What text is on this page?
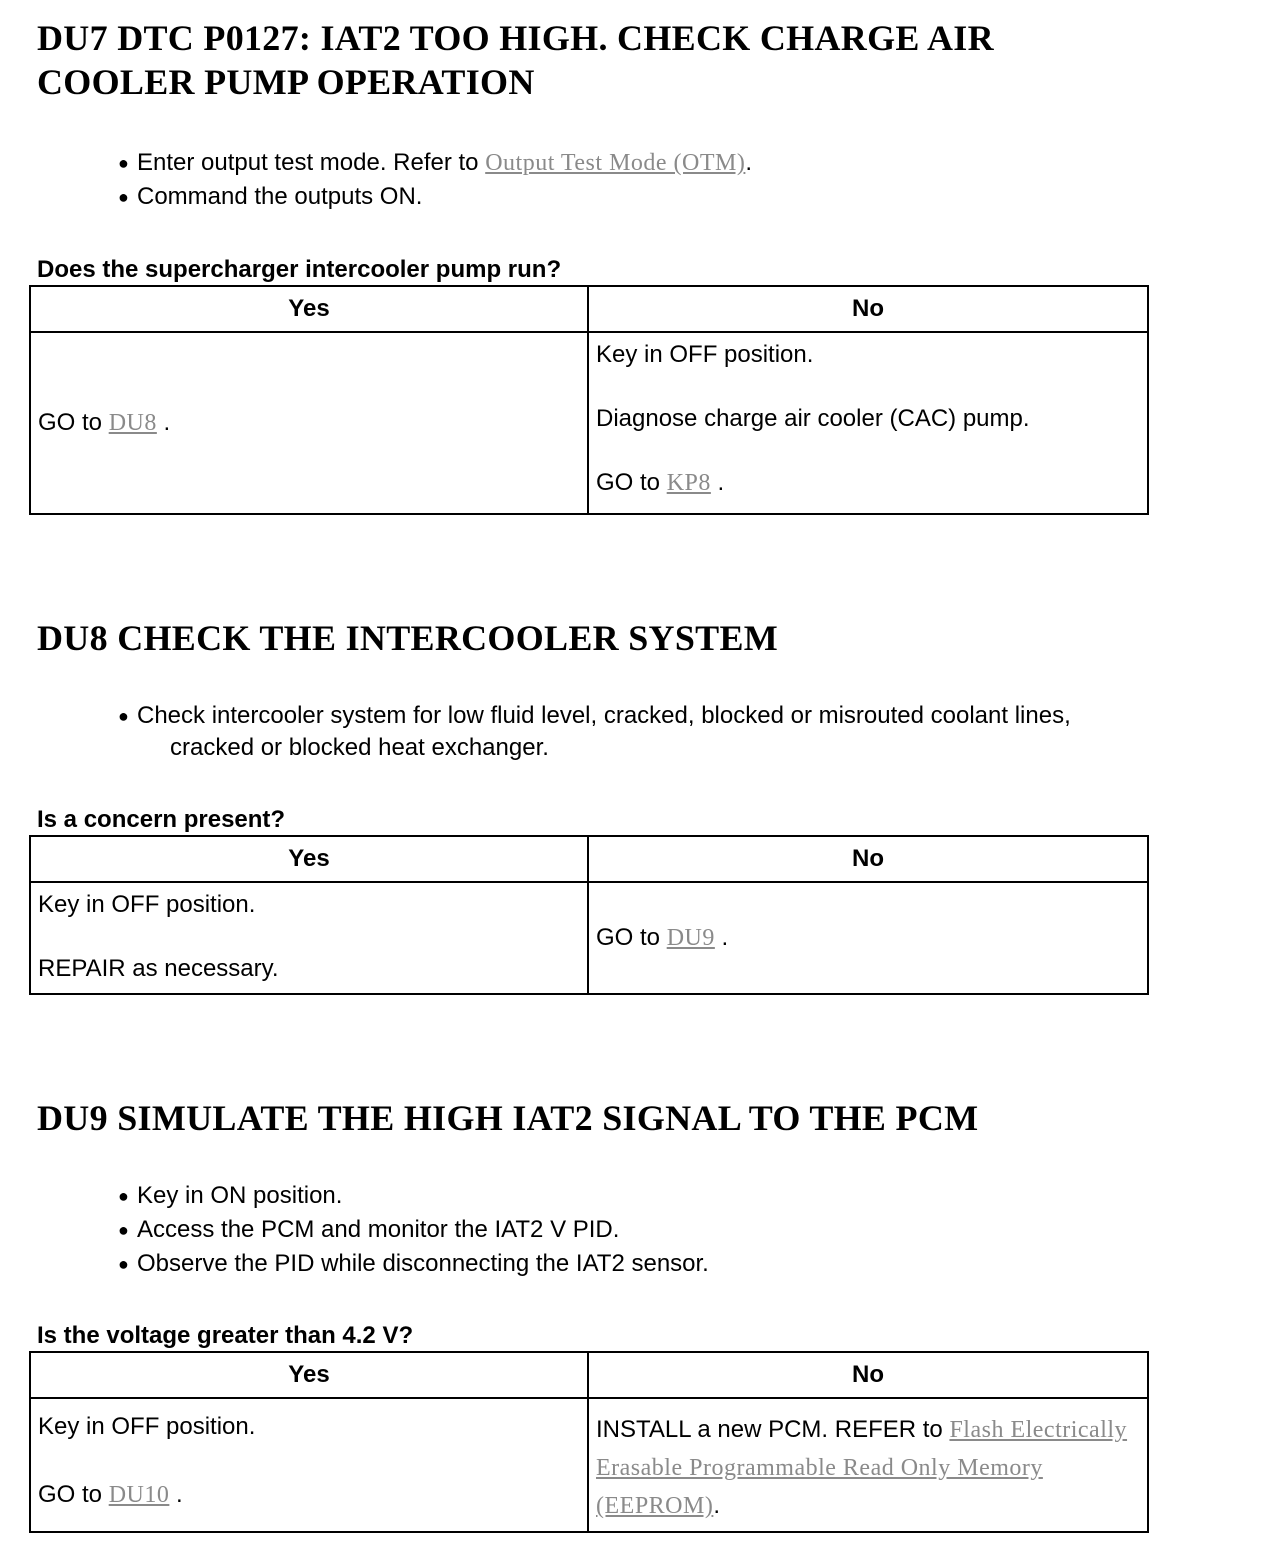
DU7 DTC P0127: IAT2 TOO HIGH. CHECK CHARGE AIR
COOLER PUMP OPERATION
● Enter output test mode. Refer to Output Test Mode (OTM).
● Command the outputs ON.

Does the supercharger intercooler pump run?

Yes	No
GO to DU8 .	Key in OFF position.

Diagnose charge air cooler (CAC) pump.

GO to KP8 .

DU8 CHECK THE INTERCOOLER SYSTEM
● Check intercooler system for low fluid level, cracked, blocked or misrouted coolant lines,
cracked or blocked heat exchanger.

Is a concern present?

Yes	No

Key in OFF position.

REPAIR as necessary.	GO to DU9 .
DU9 SIMULATE THE HIGH IAT2 SIGNAL TO THE PCM
● Key in ON position.
● Access the PCM and monitor the IAT2 V PID.
● Observe the PID while disconnecting the IAT2 sensor.

Is the voltage greater than 4.2 V?

Yes	No

Key in OFF position.

GO to DU10 .	INSTALL a new PCM. REFER to Flash Electrically Erasable Programmable Read Only Memory (EEPROM).
